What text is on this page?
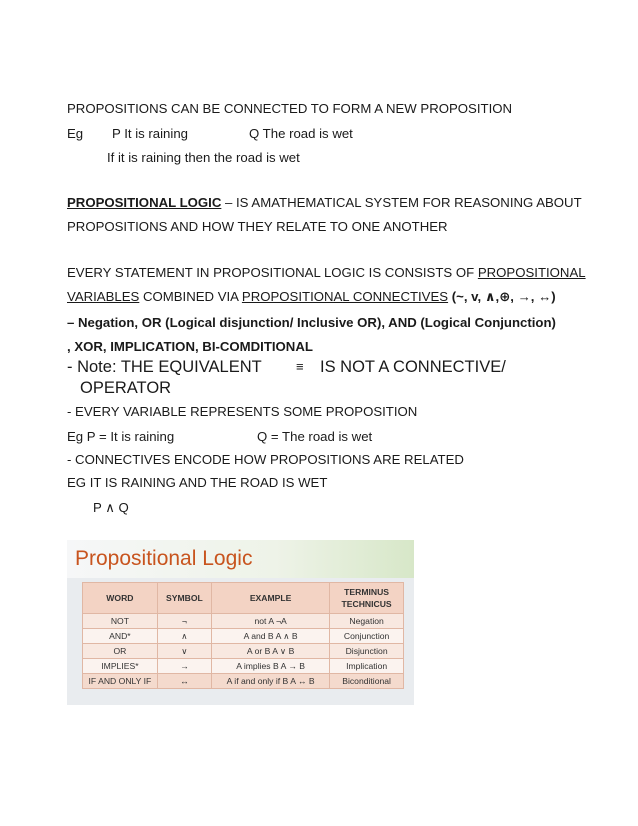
PROPOSITIONS CAN BE CONNECTED TO FORM A NEW PROPOSITION
Eg P It is raining	Q The road is wet
If it is raining then the road is wet
PROPOSITIONAL LOGIC – IS AMATHEMATICAL SYSTEM FOR REASONING ABOUT
PROPOSITIONS AND HOW THEY RELATE TO ONE ANOTHER
EVERY STATEMENT IN PROPOSITIONAL LOGIC IS CONSISTS OF PROPOSITIONAL
VARIABLES COMBINED VIA PROPOSITIONAL CONNECTIVES (~, v, ∧,⊕, →, ↔)
– Negation, OR (Logical disjunction/ Inclusive OR), AND (Logical Conjunction)
, XOR, IMPLICATION, BI-COMDITIONAL
- Note: THE EQUIVALENT	≡ IS NOT A CONNECTIVE/
OPERATOR
- EVERY VARIABLE REPRESENTS SOME PROPOSITION
Eg P = It is raining	Q = The road is wet
- CONNECTIVES ENCODE HOW PROPOSITIONS ARE RELATED
EG IT IS RAINING AND THE ROAD IS WET
P ∧ Q
Propositional Logic
WORD	SYMBOL	EXAMPLE	TERMINUS TECHNICUS
NOT	¬	not A ¬A	Negation
AND*	∧	A and B A ∧ B	Conjunction
OR	∨	A or B A ∨ B	Disjunction
IMPLIES*	→	A implies B A → B	Implication
IF AND ONLY IF	↔	A if and only if B A ↔ B	Biconditional
